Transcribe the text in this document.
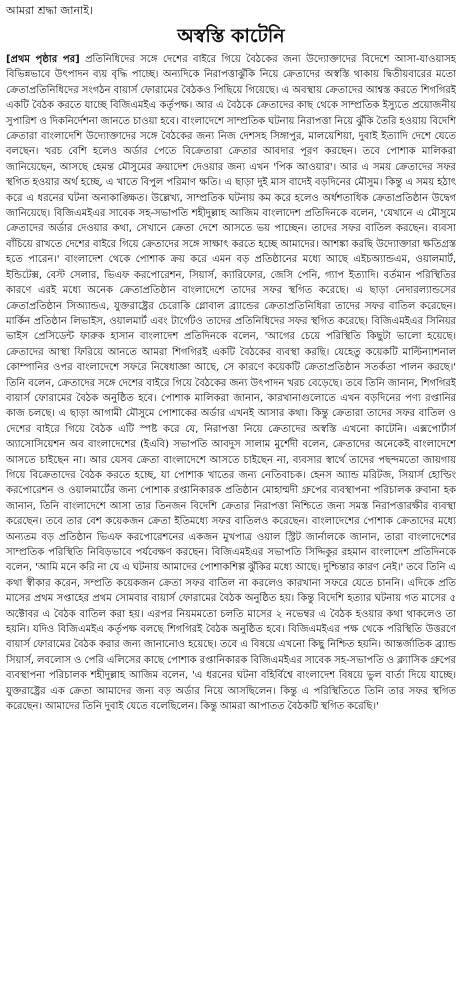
আমরা শ্রদ্ধা জানাই।
অস্বস্তি কাটেনি

[প্রথম পৃষ্ঠার পর] প্রতিনিধিদের সঙ্গে দেশের বাইরে গিয়ে বৈঠকের জন্য উদ্যোক্তাদের বিদেশে আসা-যাওয়াসহ বিভিন্নভাবে উৎপাদন ব্যয় বৃদ্ধি পাচ্ছে। অন্যদিকে নিরাপত্তাঝুঁকি নিয়ে ক্রেতাদের অস্বস্তি থাকায় দ্বিতীয়বারের মতো ক্রেতাপ্রতিনিধিদের সংগঠন বায়ার্স ফোরামের বৈঠকও পিছিয়ে গিয়েছে। এ অবস্থায় ক্রেতাদের আশ্বস্ত করতে শিগগিরই একটি বৈঠক করতে যাচ্ছে বিজিএমইএ কর্তৃপক্ষ। আর এ বৈঠকে ক্রেতাদের কাছ থেকে সাম্প্রতিক ইস্যুতে প্রয়োজনীয় সুপারিশ ও দিকনির্দেশনা জানতে চাওয়া হবে। বাংলাদেশে সাম্প্রতিক ঘটনায় নিরাপত্তা নিয়ে ঝুঁকি তৈরি হওয়ায় বিদেশি ক্রেতারা বাংলাদেশি উদ্যোক্তাদের সঙ্গে বৈঠকের জন্য নিজ দেশসহ সিঙ্গাপুর, মালয়েশিয়া, দুবাই ইত্যাদি দেশে যেতে বলছেন। খরচ বেশি হলেও অর্ডার পেতে বিক্রেতারা ক্রেতার আবদার পূরণ করছেন। তবে পোশাক মালিকরা জানিয়েছেন, আসছে হেমন্ত মৌসুমের ক্রয়াদেশ দেওয়ার জন্য এখন 'পিক আওয়ার'। আর এ সময় ক্রেতাদের সফর স্থগিত হওয়ার অর্থ হচ্ছে, এ খাতে বিপুল পরিমাণ ক্ষতি। এ ছাড়া দুই মাস বাদেই বড়দিনের মৌসুম। কিন্তু এ সময় হঠাৎ করে এ ধরনের ঘটনা অনাকাঙ্ক্ষিত। উল্লেখ্য, সাম্প্রতিক ঘটনায় কম করে হলেও অর্ধশতাধিক ক্রেতাপ্রতিষ্ঠান উদ্বেগ জানিয়েছে। বিজিএমইএর সাবেক সহ-সভাপতি শহীদুল্লাহ আজিম বাংলাদেশ প্রতিদিনকে বলেন, 'যেখানে এ মৌসুমে ক্রেতাদের অর্ডার দেওয়ার কথা, সেখানে ক্রেতা দেশে আসতে ভয় পাচ্ছেন। তাদের সফর বাতিল করছেন। ব্যবসা বাঁচিয়ে রাখতে দেশের বাইরে গিয়ে ক্রেতাদের সঙ্গে সাক্ষাৎ করতে হচ্ছে আমাদের। আশঙ্কা করছি উদ্যোক্তারা ক্ষতিগ্রস্ত হতে পারেন।' বাংলাদেশ থেকে পোশাক ক্রয় করে এমন বড় প্রতিষ্ঠানের মধ্যে আছে এইচঅ্যান্ডএম, ওয়ালমার্ট, ইন্ডিটেক্স, বেস্ট সেলার, ভিএফ করপোরেশন, সিয়ার্স, ক্যারিফোর, জেসি পেনি, গ্যাপ ইত্যাদি। বর্তমান পরিস্থিতির কারণে এরই মধ্যে অনেক ক্রেতাপ্রতিষ্ঠান বাংলাদেশে তাদের সফর স্থগিত করেছে। এ ছাড়া নেদারল্যান্ডসের ক্রেতাপ্রতিষ্ঠান সিঅ্যান্ডএ, যুক্তরাষ্ট্রের চেরোকি গ্লোবাল ব্র্যান্ডের ক্রেতাপ্রতিনিধিরা তাদের সফর বাতিল করেছেন। মার্কিন প্রতিষ্ঠান লিভাইস, ওয়ালমার্ট এবং টার্গেটও তাদের প্রতিনিধিদের সফর স্থগিত করেছে। বিজিএমইএর সিনিয়র ভাইস প্রেসিডেন্ট ফারুক হাসান বাংলাদেশ প্রতিদিনকে বলেন, 'আগের চেয়ে পরিস্থিতি কিছুটা ভালো হয়েছে। ক্রেতাদের আস্থা ফিরিয়ে আনতে আমরা শিগগিরই একটি বৈঠকের ব্যবস্থা করছি। যেহেতু কয়েকটি মাল্টিন্যাশনাল কোম্পানির ওপর বাংলাদেশে সফরে নিষেধাজ্ঞা আছে, সে কারণে কয়েকটি ক্রেতাপ্রতিষ্ঠান সতর্কতা পালন করছে।' তিনি বলেন, ক্রেতাদের সঙ্গে দেশের বাইরে গিয়ে বৈঠকের জন্য উৎপাদন খরচ বেড়েছে। তবে তিনি জানান, শিগগিরই বায়ার্স ফোরামের বৈঠক অনুষ্ঠিত হবে। পোশাক মালিকরা জানান, কারখানাগুলোতে এখন বড়দিনের পণ্য রপ্তানির কাজ চলছে। এ ছাড়া আগামী মৌসুমে পোশাকের অর্ডার এখনই আসার কথা। কিন্তু ক্রেতারা তাদের সফর বাতিল ও দেশের বাইরে গিয়ে বৈঠক এটি স্পষ্ট করে যে, নিরাপত্তা নিয়ে ক্রেতাদের অস্বস্তি এখনো কাটেনি। এক্সপোর্টার্স অ্যাসোসিয়েশন অব বাংলাদেশের (ইএবি) সভাপতি আবদুস সালাম মুর্শেদী বলেন, ক্রেতাদের অনেকেই বাংলাদেশে আসতে চাইছেন না। আর যেসব ক্রেতা বাংলাদেশে আসতে চাইছেন না, ব্যবসার স্বার্থে তাদের পছন্দমতো জায়গায় গিয়ে বিক্রেতাদের বৈঠক করতে হচ্ছে, যা পোশাক খাতের জন্য নেতিবাচক। হেনস অ্যান্ড মরিটজ, সিয়ার্স হোল্ডিং করপোরেশন ও ওয়ালমার্টের জন্য পোশাক রপ্তানিকারক প্রতিষ্ঠান মোহাম্মদী গ্রুপের ব্যবস্থাপনা পরিচালক রুবানা হক জানান, তিনি বাংলাদেশে আসা তার তিনজন বিদেশি ক্রেতার নিরাপত্তা নিশ্চিতে জন্য সমস্ত নিরাপত্তারক্ষীর ব্যবস্থা করেছেন। তবে তার বেশ কয়েকজন ক্রেতা ইতিমধ্যে সফর বাতিলও করেছেন। বাংলাদেশের পোশাক ক্রেতাদের মধ্যে অন্যতম বড় প্রতিষ্ঠান ভিএফ করপোরেশনের একজন মুখপাত্র ওয়াল স্ট্রিট জার্নালকে জানান, তারা বাংলাদেশের সাম্প্রতিক পরিস্থিতি নিবিড়ভাবে পর্যবেক্ষণ করছেন। বিজিএমইএর সভাপতি সিদ্দিকুর রহমান বাংলাদেশ প্রতিদিনকে বলেন, 'আমি মনে করি না যে এ ঘটনায় আমাদের পোশাকশিল্প ঝুঁকির মধ্যে আছে। দুশ্চিন্তার কারণ নেই।' তবে তিনি এ কথা স্বীকার করেন, সম্প্রতি কয়েকজন ক্রেতা সফর বাতিল না করলেও কারখানা সফরে যেতে চাননি। এদিকে প্রতি মাসের প্রথম সপ্তাহের প্রথম সোমবার বায়ার্স ফোরামের বৈঠক অনুষ্ঠিত হয়। কিন্তু বিদেশি হত্যার ঘটনায় গত মাসের ৫ অক্টোবর এ বৈঠক বাতিল করা হয়। এরপর নিয়মমতো চলতি মাসের ২ নভেম্বর এ বৈঠক হওয়ার কথা থাকলেও তা হয়নি। যদিও বিজিএমইএ কর্তৃপক্ষ বলছে শিগগিরই বৈঠক অনুষ্ঠিত হবে। বিজিএমইএর পক্ষ থেকে পরিস্থিতি উত্তরণে বায়ার্স ফোরামের বৈঠক করার জন্য জানানোও হয়েছে। তবে এ বিষয়ে এখনো কিছু নিশ্চিত হয়নি। আন্তর্জাতিক ব্র্যান্ড সিয়ার্স, লবলোস ও পেরি এলিসের কাছে পোশাক রপ্তানিকারক বিজিএমইএর সাবেক সহ-সভাপতি ও ক্ল্যাসিক গ্রুপের ব্যবস্থাপনা পরিচালক শহীদুল্লাহ আজিম বলেন, 'এ ধরনের ঘটনা বহির্বিশ্বে বাংলাদেশ বিষয়ে ভুল বার্তা দিয়ে যাচ্ছে। যুক্তরাষ্ট্রের এক ক্রেতা আমাদের জন্য বড় অর্ডার নিয়ে আসছিলেন। কিন্তু এ পরিস্থিতিতে তিনি তার সফর স্থগিত করেছেন। আমাদের তিনি দুবাই যেতে বলেছিলেন। কিন্তু আমরা আপাতত বৈঠকটি স্থগিত করেছি।'
